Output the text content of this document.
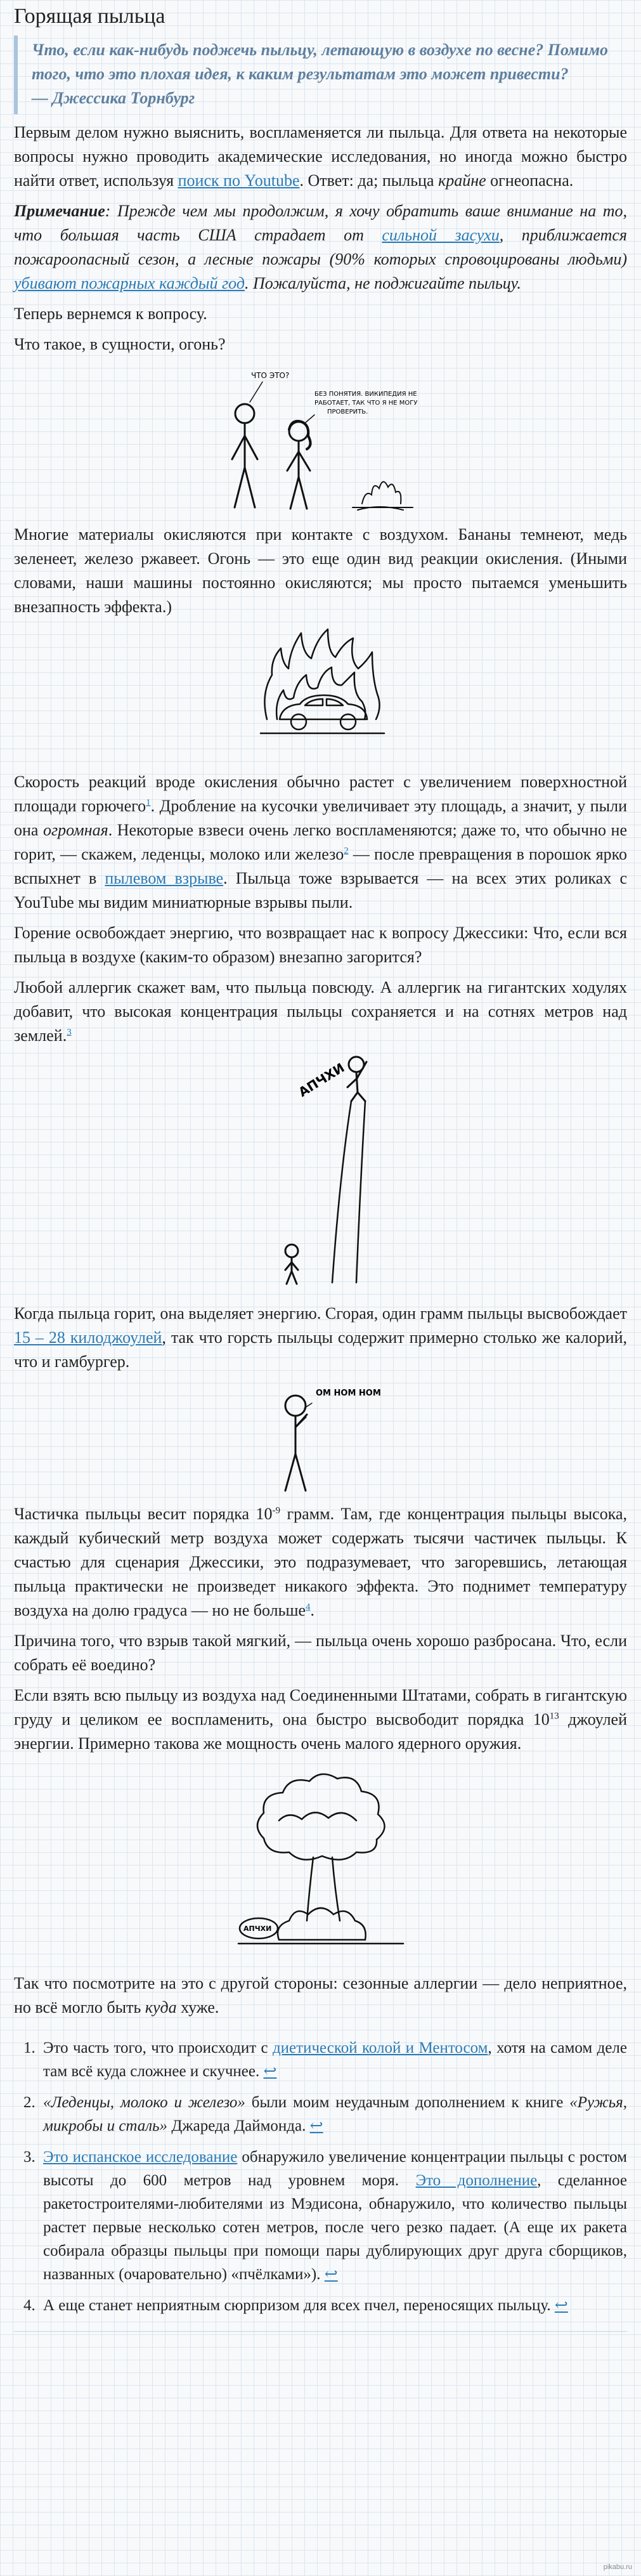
Горящая пыльца
Что, если как-нибудь поджечь пыльцу, летающую в воздухе по весне? Помимо того, что это плохая идея, к каким результатам это может привести?
— Джессика Торнбург

Первым делом нужно выяснить, воспламеняется ли пыльца. Для ответа на некоторые вопросы нужно проводить академические исследования, но иногда можно быстро найти ответ, используя поиск по Youtube. Ответ: да; пыльца крайне огнеопасна.

Примечание: Прежде чем мы продолжим, я хочу обратить ваше внимание на то, что большая часть США страдает от сильной засухи, приближается пожароопасный сезон, а лесные пожары (90% которых спровоцированы людьми) убивают пожарных каждый год. Пожалуйста, не поджигайте пыльцу.

Теперь вернемся к вопросу.

Что такое, в сущности, огонь?

ЧТО ЭТО?
БЕЗ ПОНЯТИЯ. ВИКИПЕДИЯ НЕ
РАБОТАЕТ, ТАК ЧТО Я НЕ МОГУ
ПРОВЕРИТЬ.

Многие материалы окисляются при контакте с воздухом. Бананы темнеют, медь зеленеет, железо ржавеет. Огонь — это еще один вид реакции окисления. (Иными словами, наши машины постоянно окисляются; мы просто пытаемся уменьшить внезапность эффекта.)

Скорость реакций вроде окисления обычно растет с увеличением поверхностной площади горючего$^1$. Дробление на кусочки увеличивает эту площадь, а значит, у пыли она огромная. Некоторые взвеси очень легко воспламеняются; даже то, что обычно не горит, — скажем, леденцы, молоко или железо$^2$ — после превращения в порошок ярко вспыхнет в пылевом взрыве. Пыльца тоже взрывается — на всех этих роликах с YouTube мы видим миниатюрные взрывы пыли.

Горение освобождает энергию, что возвращает нас к вопросу Джессики: Что, если вся пыльца в воздухе (каким-то образом) внезапно загорится?

Любой аллергик скажет вам, что пыльца повсюду. А аллергик на гигантских ходулях добавит, что высокая концентрация пыльцы сохраняется и на сотнях метров над землей.$^3$

АПЧХИ

Когда пыльца горит, она выделяет энергию. Сгорая, один грамм пыльцы высвобождает 15 – 28 килоджоулей, так что горсть пыльцы содержит примерно столько же калорий, что и гамбургер.

ОМ НОМ НОМ

Частичка пыльцы весит порядка $10^{-9}$ грамм. Там, где концентрация пыльцы высока, каждый кубический метр воздуха может содержать тысячи частичек пыльцы. К счастью для сценария Джессики, это подразумевает, что загоревшись, летающая пыльца практически не произведет никакого эффекта. Это поднимет температуру воздуха на долю градуса — но не больше$^4$.

Причина того, что взрыв такой мягкий, — пыльца очень хорошо разбросана. Что, если собрать её воедино?

Если взять всю пыльцу из воздуха над Соединенными Штатами, собрать в гигантскую груду и целиком ее воспламенить, она быстро высвободит порядка $10^{13}$ джоулей энергии. Примерно такова же мощность очень малого ядерного оружия.

АПЧХИ

Так что посмотрите на это с другой стороны: сезонные аллергии — дело неприятное, но всё могло быть куда хуже.

1. Это часть того, что происходит с диетической колой и Ментосом, хотя на самом деле там всё куда сложнее и скучнее. ↩
2. «Леденцы, молоко и железо» были моим неудачным дополнением к книге «Ружья, микробы и сталь» Джареда Даймонда. ↩
3. Это испанское исследование обнаружило увеличение концентрации пыльцы с ростом высоты до 600 метров над уровнем моря. Это дополнение, сделанное ракетостроителями-любителями из Мэдисона, обнаружило, что количество пыльцы растет первые несколько сотен метров, после чего резко падает. (А еще их ракета собирала образцы пыльцы при помощи пары дублирующих друг друга сборщиков, названных (очаровательно) «пчёлками»). ↩
4. А еще станет неприятным сюрпризом для всех пчел, переносящих пыльцу. ↩
pikabu.ru
